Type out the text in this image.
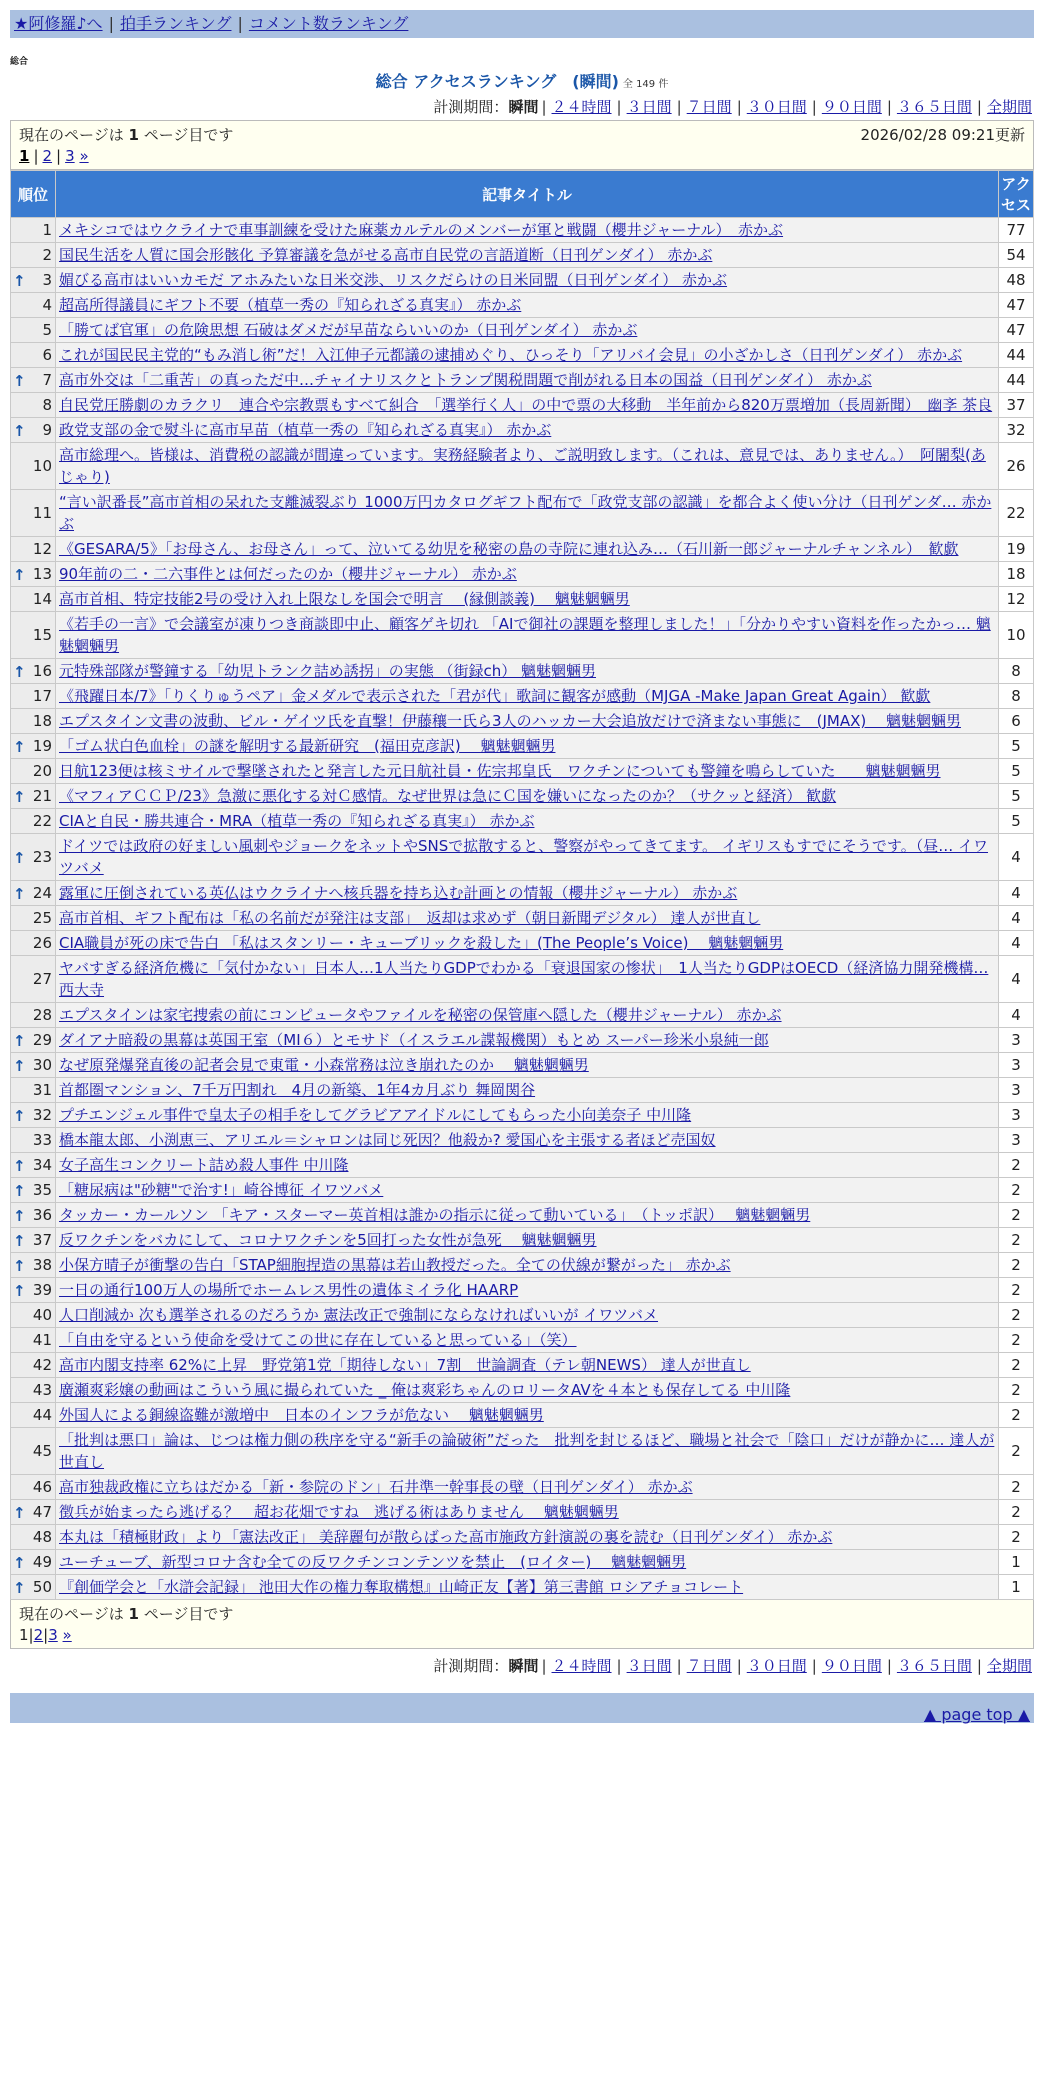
★阿修羅♪へ | 拍手ランキング | コメント数ランキング
総合
総合 アクセスランキング　(瞬間) 全 149 件
計測期間：瞬間 | ２４時間 | ３日間 | ７日間 | ３０日間 | ９０日間 | ３６５日間 | 全期間
現在のページは 1 ページ目です	2026/02/28 09:21更新
1 | 2 | 3 »
順位	記事タイトル	アクセス
1	メキシコではウクライナで車事訓練を受けた麻薬カルテルのメンバーが軍と戦闘（櫻井ジャーナル）　赤かぶ	77
2	国民生活を人質に国会形骸化 予算審議を急がせる高市自民党の言語道断（日刊ゲンダイ） 赤かぶ	54

↑ 3	媚びる高市はいいカモだ アホみたいな日米交渉、リスクだらけの日米同盟（日刊ゲンダイ） 赤かぶ	48
4	超高所得議員にギフト不要（植草一秀の『知られざる真実』） 赤かぶ	47
5	「勝てば官軍」の危険思想 石破はダメだが早苗ならいいのか（日刊ゲンダイ） 赤かぶ	47
6	これが国民民主党的“もみ消し術”だ！入江伸子元都議の逮捕めぐり、ひっそり「アリバイ会見」の小ざかしさ（日刊ゲンダイ） 赤かぶ	44

↑ 7	高市外交は「二重苦」の真っただ中…チャイナリスクとトランプ関税問題で削がれる日本の国益（日刊ゲンダイ） 赤かぶ	44
8	自民党圧勝劇のカラクリ　連合や宗教票もすべて糾合　「選挙行く人」の中で票の大移動　半年前から820万票増加（長周新聞）　幽斈 茶良	37

↑ 9	政党支部の金で熨斗に高市早苗（植草一秀の『知られざる真実』） 赤かぶ	32
10	高市総理へ。皆様は、消費税の認識が間違っています。実務経験者より、ご説明致します。（これは、意見では、ありません。）　阿闍梨(あじゃり)	26
11	“言い訳番長”高市首相の呆れた支離滅裂ぶり 1000万円カタログギフト配布で「政党支部の認識」を都合よく使い分け（日刊ゲンダ… 赤かぶ	22
12	《GESARA/5》「お母さん、お母さん」って、泣いてる幼児を秘密の島の寺院に連れ込み…（石川新一郎ジャーナルチャンネル）　歓歔	19

↑ 13	90年前の二・二六事件とは何だったのか（櫻井ジャーナル） 赤かぶ	18
14	高市首相、特定技能2号の受け入れ上限なしを国会で明言 　(縁側談義)　 魑魅魍魎男	12
15	《若手の一言》で会議室が凍りつき商談即中止、顧客ゲキ切れ 「AIで御社の課題を整理しました！」「分かりやすい資料を作ったかっ… 魑魅魍魎男	10

↑ 16	元特殊部隊が警鐘する「幼児トランク詰め誘拐」の実態 （街録ch） 魑魅魍魎男	8
17	《飛躍日本/7》「りくりゅうペア」金メダルで表示された「君が代」歌詞に観客が感動（MJGA -Make Japan Great Again） 歓歔	8
18	エプスタイン文書の波動、ビル・ゲイツ氏を直撃！伊藤穰一氏ら3人のハッカー大会追放だけで済まない事態に　(JMAX)　 魑魅魍魎男	6

↑ 19	「ゴム状白色血栓」の謎を解明する最新研究　(福田克彦訳)　 魑魅魍魎男	5
20	日航123便は核ミサイルで撃墜されたと発言した元日航社員・佐宗邦皇氏　ワクチンについても警鐘を鳴らしていた　　魑魅魍魎男	5

↑ 21	《マフィアＣＣＰ/23》急激に悪化する対Ｃ感情。なぜ世界は急にＣ国を嫌いになったのか？（サクッと経済） 歓歔	5
22	CIAと自民・勝共連合・MRA（植草一秀の『知られざる真実』） 赤かぶ	5

↑ 23	ドイツでは政府の好ましい風刺やジョークをネットやSNSで拡散すると、警察がやってきてます。 イギリスもすでにそうです。（昼… イワツバメ	4

↑ 24	露軍に圧倒されている英仏はウクライナへ核兵器を持ち込む計画との情報（櫻井ジャーナル） 赤かぶ	4
25	高市首相、ギフト配布は「私の名前だが発注は支部」　返却は求めず（朝日新聞デジタル） 達人が世直し	4
26	CIA職員が死の床で告白 「私はスタンリー・キューブリックを殺した」(The People’s Voice)　 魑魅魍魎男	4
27	ヤバすぎる経済危機に「気付かない」日本人…1人当たりGDPでわかる「衰退国家の惨状」　1人当たりGDPはOECD（経済協力開発機構… 西大寺	4
28	エプスタインは家宅捜索の前にコンピュータやファイルを秘密の保管庫へ隠した（櫻井ジャーナル） 赤かぶ	4

↑ 29	ダイアナ暗殺の黒幕は英国王室（MI６）とモサド（イスラエル諜報機関）もとめ スーパー珍米小泉純一郎	3

↑ 30	なぜ原発爆発直後の記者会見で東電・小森常務は泣き崩れたのか　 魑魅魍魎男	3
31	首都圏マンション、7千万円割れ　4月の新築、1年4カ月ぶり 舞岡関谷	3

↑ 32	プチエンジェル事件で皇太子の相手をしてグラビアアイドルにしてもらった小向美奈子 中川隆	3
33	橋本龍太郎、小渕恵三、アリエル＝シャロンは同じ死因？他殺か? 愛国心を主張する者ほど売国奴	3

↑ 34	女子高生コンクリート詰め殺人事件 中川隆	2

↑ 35	「糖尿病は"砂糖"で治す!」崎谷博征 イワツバメ	2

↑ 36	タッカー・カールソン 「キア・スターマー英首相は誰かの指示に従って動いている」　（トッポ訳）　 魑魅魍魎男	2

↑ 37	反ワクチンをバカにして、コロナワクチンを5回打った女性が急死　 魑魅魍魎男	2

↑ 38	小保方晴子が衝撃の告白「STAP細胞捏造の黒幕は若山教授だった。全ての伏線が繋がった」 赤かぶ	2

↑ 39	一日の通行100万人の場所でホームレス男性の遺体ミイラ化 HAARP	2
40	人口削減か 次も選挙されるのだろうか 憲法改正で強制にならなければいいが イワツバメ	2
41	「自由を守るという使命を受けてこの世に存在していると思っている」（笑）	2
42	高市内閣支持率 62%に上昇　野党第1党「期待しない」7割　世論調査（テレ朝NEWS） 達人が世直し	2
43	廣瀬爽彩嬢の動画はこういう風に撮られていた _ 俺は爽彩ちゃんのロリータAVを４本とも保存してる 中川隆	2
44	外国人による銅線盗難が激増中　日本のインフラが危ない　 魑魅魍魎男	2
45	「批判は悪口」論は、じつは権力側の秩序を守る“新手の論破術”だった　批判を封じるほど、職場と社会で「陰口」だけが静かに… 達人が世直し	2
46	高市独裁政権に立ちはだかる「新・参院のドン」石井準一幹事長の壁（日刊ゲンダイ） 赤かぶ	2

↑ 47	徴兵が始まったら逃げる？　超お花畑ですね　逃げる術はありません　 魑魅魍魎男	2
48	本丸は「積極財政」より「憲法改正」 美辞麗句が散らばった高市施政方針演説の裏を読む（日刊ゲンダイ） 赤かぶ	2

↑ 49	ユーチューブ、新型コロナ含む全ての反ワクチンコンテンツを禁止　(ロイター)　 魑魅魍魎男	1

↑ 50	『創価学会と「水滸会記録」 池田大作の権力奪取構想』山崎正友【著】第三書館 ロシアチョコレート	1
現在のページは 1 ページ目です
1|2|3 »
計測期間：瞬間 | ２４時間 | ３日間 | ７日間 | ３０日間 | ９０日間 | ３６５日間 | 全期間
▲ page top ▲
